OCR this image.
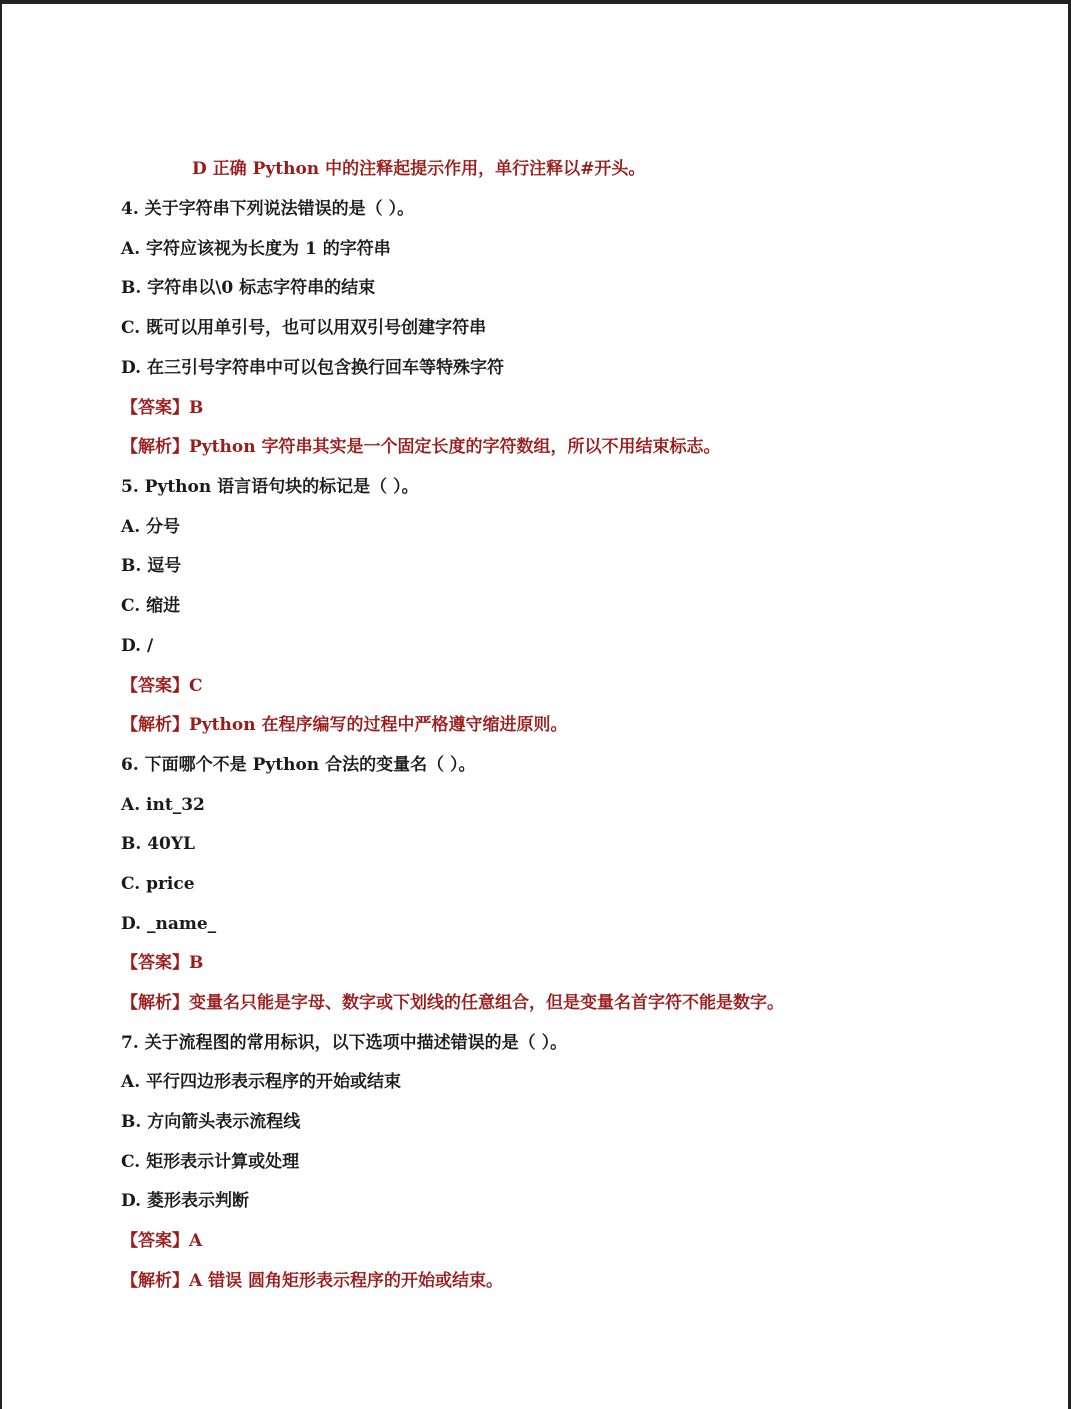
D 正确 Python 中的注释起提示作用，单行注释以#开头。
4. 关于字符串下列说法错误的是（ ）。
A. 字符应该视为长度为 1 的字符串
B. 字符串以\0 标志字符串的结束
C. 既可以用单引号，也可以用双引号创建字符串
D. 在三引号字符串中可以包含换行回车等特殊字符
【答案】B
【解析】Python 字符串其实是一个固定长度的字符数组，所以不用结束标志。
5. Python 语言语句块的标记是（ ）。
A. 分号
B. 逗号
C. 缩进
D. /
【答案】C
【解析】Python 在程序编写的过程中严格遵守缩进原则。
6. 下面哪个不是 Python 合法的变量名（ ）。
A. int_32
B. 40YL
C. price
D. _name_
【答案】B
【解析】变量名只能是字母、数字或下划线的任意组合，但是变量名首字符不能是数字。
7. 关于流程图的常用标识，以下选项中描述错误的是（ ）。
A. 平行四边形表示程序的开始或结束
B. 方向箭头表示流程线
C. 矩形表示计算或处理
D. 菱形表示判断
【答案】A
【解析】A 错误 圆角矩形表示程序的开始或结束。
